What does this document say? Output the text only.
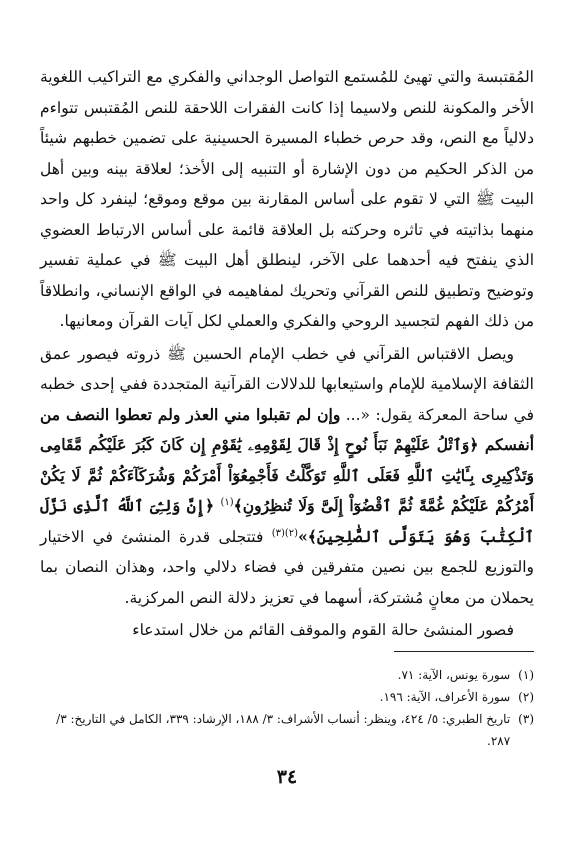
المُقتبسة والتي تهيئ للمُستمع التواصل الوجداني والفكري مع التراكيب اللغوية الأخر والمكونة للنص ولاسيما إذا كانت الفقرات اللاحقة للنص المُقتبس تتواءم دلالياً مع النص، وقد حرص خطباء المسيرة الحسينية على تضمين خطبهم شيئاً من الذكر الحكيم من دون الإشارة أو التنبيه إلى الأخذ؛ لعلاقة بينه وبين أهل البيت ﷺ التي لا تقوم على أساس المقارنة بين موقع وموقع؛ لينفرد كل واحد منهما بذاتيته في تاثره وحركته بل العلاقة قائمة على أساس الارتباط العضوي الذي ينفتح فيه أحدهما على الآخر، لينطلق أهل البيت ﷺ في عملية تفسير وتوضيح وتطبيق للنص القرآني وتحريك لمفاهيمه في الواقع الإنساني، وانطلاقاً من ذلك الفهم لتجسيد الروحي والفكري والعملي لكل آيات القرآن ومعانيها.

ويصل الاقتباس القرآني في خطب الإمام الحسين ﷺ ذروته فيصور عمق الثقافة الإسلامية للإمام واستيعابها للدلالات القرآنية المتجددة ففي إحدى خطبه في ساحة المعركة يقول: «... وإن لم تقبلوا مني العذر ولم تعطوا النصف من أنفسكم ﴿وَٱتْلُ عَلَيْهِمْ نَبَأَ نُوحٍ إِذْ قَالَ لِقَوْمِهِۦ يَٰقَوْمِ إِن كَانَ كَبُرَ عَلَيْكُم مَّقَامِى وَتَذْكِيرِى بِـَٔايَٰتِ ٱللَّهِ فَعَلَى ٱللَّهِ تَوَكَّلْتُ فَأَجْمِعُوٓاْ أَمْرَكُمْ وَشُرَكَآءَكُمْ ثُمَّ لَا يَكُنْ أَمْرُكُمْ عَلَيْكُمْ غُمَّةً ثُمَّ ٱقْضُوٓاْ إِلَىَّ وَلَا تُنظِرُونِ﴾$^{(١)}$ ﴿إِنَّ وَلِـِّۧىَ ٱللَّهُ ٱلَّذِى نَزَّلَ ٱلْكِتَٰبَ وَهُوَ يَتَوَلَّى ٱلصَّٰلِحِينَ﴾»$^{(٢)(٣)}$ فتتجلى قدرة المنشئ في الاختيار والتوزيع للجمع بين نصين متفرقين في فضاء دلالي واحد، وهذان النصان بما يحملان من معانٍ مُشتركة، أسهما في تعزيز دلالة النص المركزية.

فصور المنشئ حالة القوم والموقف القائم من خلال استدعاء

(١)
سورة يونس، الآية: ٧١.
(٢)
سورة الأعراف، الآية: ١٩٦.
(٣)
تاريخ الطبري: ٥/ ٤٢٤، وينظر: أنساب الأشراف: ٣/ ١٨٨، الإرشاد: ٣٣٩، الكامل في التاريخ: ٣/ ٢٨٧.
٣٤
